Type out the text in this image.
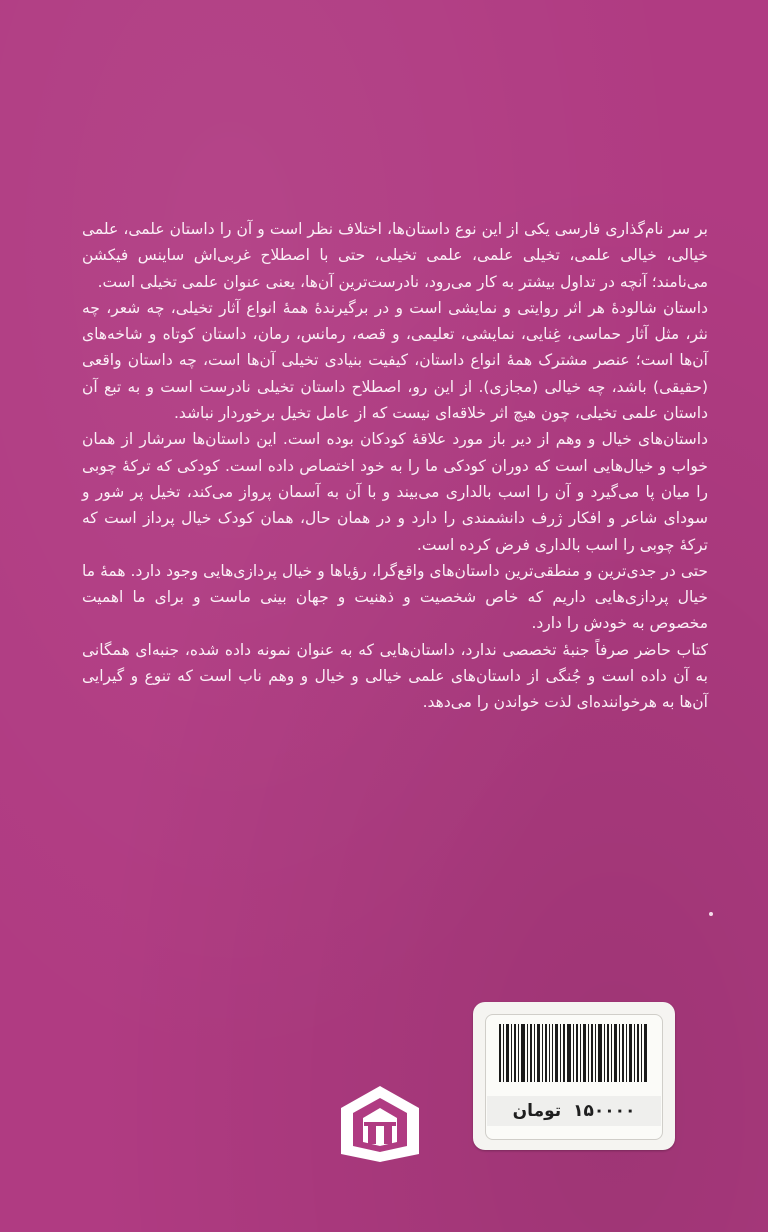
بر سر نام‌گذاری فارسی یکی از این نوع داستان‌ها، اختلاف نظر است و آن را داستان علمی، علمی خیالی، خیالی علمی، تخیلی علمی، علمی تخیلی، حتی با اصطلاح غربی‌اش ساینس فیکشن می‌نامند؛ آنچه در تداول بیشتر به کار می‌رود، نادرست‌ترین آن‌ها، یعنی عنوان علمی تخیلی است.

داستان شالودهٔ هر اثر روایتی و نمایشی است و در برگیرندهٔ همهٔ انواع آثار تخیلی، چه شعر، چه نثر، مثل آثار حماسی، غِنایی، نمایشی، تعلیمی، و قصه، رمانس، رمان، داستان کوتاه و شاخه‌های آن‌ها است؛ عنصر مشترک همهٔ انواع داستان، کیفیت بنیادی تخیلی آن‌ها است، چه داستان واقعی (حقیقی) باشد، چه خیالی (مجازی). از این رو، اصطلاح داستان تخیلی نادرست است و به تبع آن داستان علمی تخیلی، چون هیچ اثر خلاقه‌ای نیست که از عامل تخیل برخوردار نباشد.

داستان‌های خیال و وهم از دیر باز مورد علاقهٔ کودکان بوده است. این داستان‌ها سرشار از همان خواب و خیال‌هایی است که دوران کودکی ما را به خود اختصاص داده است. کودکی که ترکهٔ چوبی را میان پا می‌گیرد و آن را اسب بالداری می‌بیند و با آن به آسمان پرواز می‌کند، تخیل پر شور و سودای شاعر و افکار ژرف دانشمندی را دارد و در همان حال، همان کودک خیال پرداز است که ترکهٔ چوبی را اسب بالداری فرض کرده است.

حتی در جدی‌ترین و منطقی‌ترین داستان‌های واقع‌گرا، رؤیاها و خیال پردازی‌هایی وجود دارد. همهٔ ما خیال پردازی‌هایی داریم که خاص شخصیت و ذهنیت و جهان بینی ماست و برای ما اهمیت مخصوص به خودش را دارد.

کتاب حاضر صرفاً جنبهٔ تخصصی ندارد، داستان‌هایی که به عنوان نمونه داده شده، جنبه‌ای همگانی به آن داده است و جُنگی از داستان‌های علمی خیالی و خیال و وهم ناب است که تنوع و گیرایی آن‌ها به هرخواننده‌ای لذت خواندن را می‌دهد.

۱۵۰۰۰۰ تومان
